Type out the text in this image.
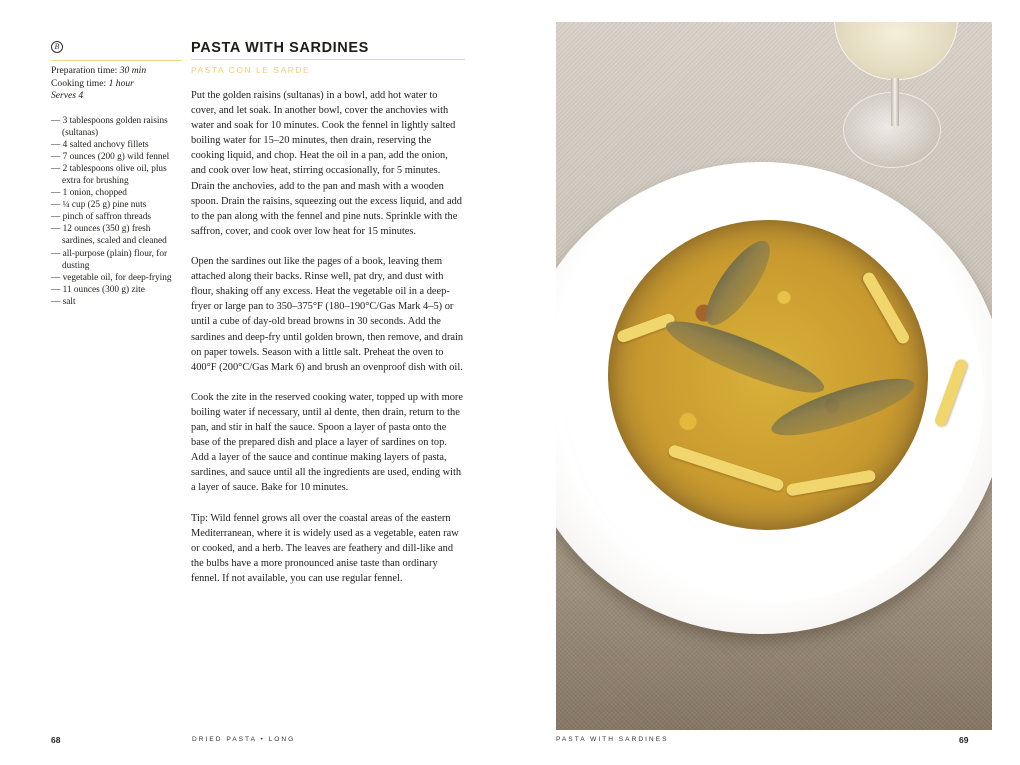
B
Preparation time: 30 min
Cooking time: 1 hour
Serves 4
— 3 tablespoons golden raisins (sultanas)
— 4 salted anchovy fillets
— 7 ounces (200 g) wild fennel
— 2 tablespoons olive oil, plus extra for brushing
— 1 onion, chopped
— ¼ cup (25 g) pine nuts
— pinch of saffron threads
— 12 ounces (350 g) fresh sardines, scaled and cleaned
— all-purpose (plain) flour, for dusting
— vegetable oil, for deep-frying
— 11 ounces (300 g) zite
— salt
PASTA WITH SARDINES
PASTA CON LE SARDE

Put the golden raisins (sultanas) in a bowl, add hot water to cover, and let soak. In another bowl, cover the anchovies with water and soak for 10 minutes. Cook the fennel in lightly salted boiling water for 15–20 minutes, then drain, reserving the cooking liquid, and chop. Heat the oil in a pan, add the onion, and cook over low heat, stirring occasionally, for 5 minutes. Drain the anchovies, add to the pan and mash with a wooden spoon. Drain the raisins, squeezing out the excess liquid, and add to the pan along with the fennel and pine nuts. Sprinkle with the saffron, cover, and cook over low heat for 15 minutes.

Open the sardines out like the pages of a book, leaving them attached along their backs. Rinse well, pat dry, and dust with flour, shaking off any excess. Heat the vegetable oil in a deep-fryer or large pan to 350–375°F (180–190°C/Gas Mark 4–5) or until a cube of day-old bread browns in 30 seconds. Add the sardines and deep-fry until golden brown, then remove, and drain on paper towels. Season with a little salt. Preheat the oven to 400°F (200°C/Gas Mark 6) and brush an ovenproof dish with oil.

Cook the zite in the reserved cooking water, topped up with more boiling water if necessary, until al dente, then drain, return to the pan, and stir in half the sauce. Spoon a layer of pasta onto the base of the prepared dish and place a layer of sardines on top. Add a layer of the sauce and continue making layers of pasta, sardines, and sauce until all the ingredients are used, ending with a layer of sauce. Bake for 10 minutes.

Tip: Wild fennel grows all over the coastal areas of the eastern Mediterranean, where it is widely used as a vegetable, eaten raw or cooked, and a herb. The leaves are feathery and dill-like and the bulbs have a more pronounced anise taste than ordinary fennel. If not available, you can use regular fennel.

68	DRIED PASTA • LONG	PASTA WITH SARDINES	69
